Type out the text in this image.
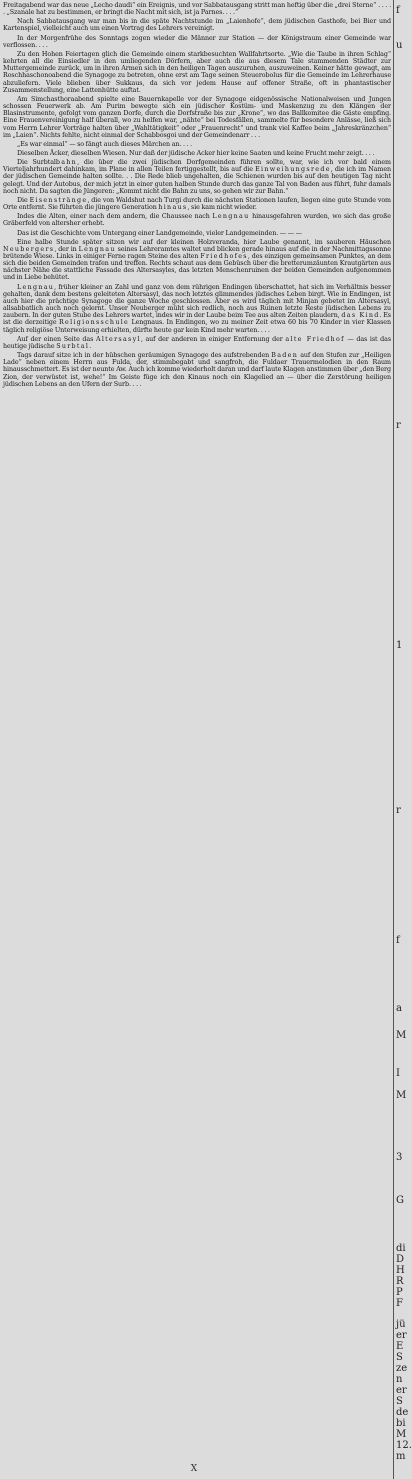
Freitagabend war das neue „Lecho daudi“ ein Ereignis, und vor Sabbatausgang stritt man heftig über die „drei Sterne“ . . . . . „Szanale hat zu bestimmen, er bringt die Nacht mit sich, ist ja Parnes. . . .“

Nach Sabbatausgang war man bis in die späte Nachtstunde im „Laienhofe“, dem jüdischen Gasthofe, bei Bier und Kartenspiel, vielleicht auch um einen Vortrag des Lehrers vereinigt.

In der Morgenfrühe des Sonntags zogen wieder die Männer zur Station — der Königstraum einer Gemeinde war verflossen. . . .

Zu den Hohen Feiertagen glich die Gemeinde einem starkbesuchten Wallfahrtsorte. „Wie die Taube in ihren Schlag“ kehrten all die Einsiedler in den umliegenden Dörfern, aber auch die aus diesem Tale stammenden Städter zur Muttergemeinde zurück, um in ihren Armen sich in den heiligen Tagen auszuruhen, auszuweinen. Keiner hätte gewagt, am Roschhaschonoabend die Synagoge zu betreten, ohne erst am Tage seinen Steuerobolus für die Gemeinde im Lehrerhause abzuliefern. Viele blieben über Sukkaus, da sich vor jedem Hause auf offener Straße, oft in phantastischer Zusammenstellung, eine Lattenhütte auftat.

Am Simchasthoraabend spielte eine Bauernkapelle vor der Synagoge eidgenössische Nationalweisen und Jungen schossen Feuerwerk ab. Am Purim bewegte sich ein jüdischer Kostüm- und Maskenzug zu den Klängen der Blasinstrumente, gefolgt vom ganzen Dorfe, durch die Dorfstraße bis zur „Krone“, wo das Ballkomitee die Gäste empfing. Eine Frauenvereinigung half überall, wo zu helfen war, „nähte“ bei Todesfällen, sammelte für besondere Anlässe, ließ sich vom Herrn Lehrer Vorträge halten über „Wahltätigkeit“ oder „Frauenrecht“ und trank viel Kaffee beim „Jahreskränzchen“ im „Laien“. Nichts fehlte, nicht einmal der Schabbosgoi und der Gemeindenarr . . .

„Es war einmal“ — so fängt auch dieses Märchen an. . . .

Dieselben Äcker, dieselben Wiesen. Nur daß der jüdische Acker hier keine Saaten und keine Frucht mehr zeigt. . . .

Die Surbtalbahn, die über die zwei jüdischen Dorfgemeinden führen sollte, war, wie ich vor bald einem Vierteljahrhundert dahinkam, im Plane in allen Teilen fertiggestellt, bis auf die Einweihungsrede, die ich im Namen der jüdischen Gemeinde halten sollte. . . Die Rede blieb ungehalten, die Schienen wurden bis auf den heutigen Tag nicht gelegt. Und der Autobus, der mich jetzt in einer guten halben Stunde durch das ganze Tal von Baden aus führt, fuhr damals noch nicht. Da sagten die Jüngeren: „Kommt nicht die Bahn zu uns, so gehen wir zur Bahn.“

Die Eisenstränge, die von Waldshut nach Turgi durch die nächsten Stationen laufen, liegen eine gute Stunde vom Orte entfernt. Sie führten die jüngere Generation hinaus, sie kam nicht wieder.

Indes die Alten, einer nach dem andern, die Chaussee nach Lengnau hinausgefahren wurden, wo sich das große Gräberfeld von altersher erhebt.

Das ist die Geschichte vom Untergang einer Landgemeinde, vieler Landgemeinden. — — —

Eine halbe Stunde später sitzen wir auf der kleinen Holzveranda, hier Laube genannt, im sauberen Häuschen Neubergers, der in Lengnau seines Lehreramtes waltet und blicken gerade hinaus auf die in der Nachmittagssonne brütende Wiese. Links in einiger Ferne ragen Steine des alten Friedhofes, des einzigen gemeinsamen Punktes, an dem sich die beiden Gemeinden trafen und treffen. Rechts schaut aus dem Gebüsch über die bretterumzäunten Krautgärten aus nächster Nähe die stattliche Fassade des Altersasyles, das letzten Menschenruinen der beiden Gemeinden aufgenommen und in Liebe behütet.

Lengnau, früher kleiner an Zahl und ganz von dem rührigen Endingen überschattet, hat sich im Verhältnis besser gehalten, dank dem bestens geleiteten Altersasyl, das noch letztes glimmendes jüdisches Leben birgt. Wie in Endingen, ist auch hier die prächtige Synagoge die ganze Woche geschlossen. Aber es wird täglich mit Minjan gebetet im Altersasyl, allsabbatlich auch noch gelernt. Unser Neuberger müht sich redlich, noch aus Ruinen letzte Reste jüdischen Lebens zu zaubern. In der guten Stube des Lehrers wartet, indes wir in der Laube beim Tee aus alten Zeiten plaudern, das Kind. Es ist die derzeitige Religionsschule Lengnaus. In Endingen, wo zu meiner Zeit etwa 60 bis 70 Kinder in vier Klassen täglich religiöse Unterweisung erhielten, dürfte heute gar kein Kind mehr warten. . . .

Auf der einen Seite das Altersasyl, auf der anderen in einiger Entfernung der alte Friedhof — das ist das heutige jüdische Surbtal.

Tags darauf sitze ich in der hübschen geräumigen Synagoge des aufstrebenden Baden auf den Stufen zur „Heiligen Lade“ neben einem Herrn aus Fulda, der, stimmbegabt und sangfroh, die Fuldaer Trauermelodien in den Raum hinausschmettert. Es ist der neunte Aw. Auch ich komme wiederholt daran und darf laute Klagen anstimmen über „den Berg Zion, der verwüstet ist, wehe!“ Im Geiste füge ich den Kinaus noch ein Klagelied an — über die Zerstörung heiligen jüdischen Lebens an den Ufern der Surb. . . .

X
f
u
r
1
r
f
a
M
I
M
3
G
di
D
H
R
P
F
jü
er
E
S
ze
n
er
S
de
bi
M
12.
m
